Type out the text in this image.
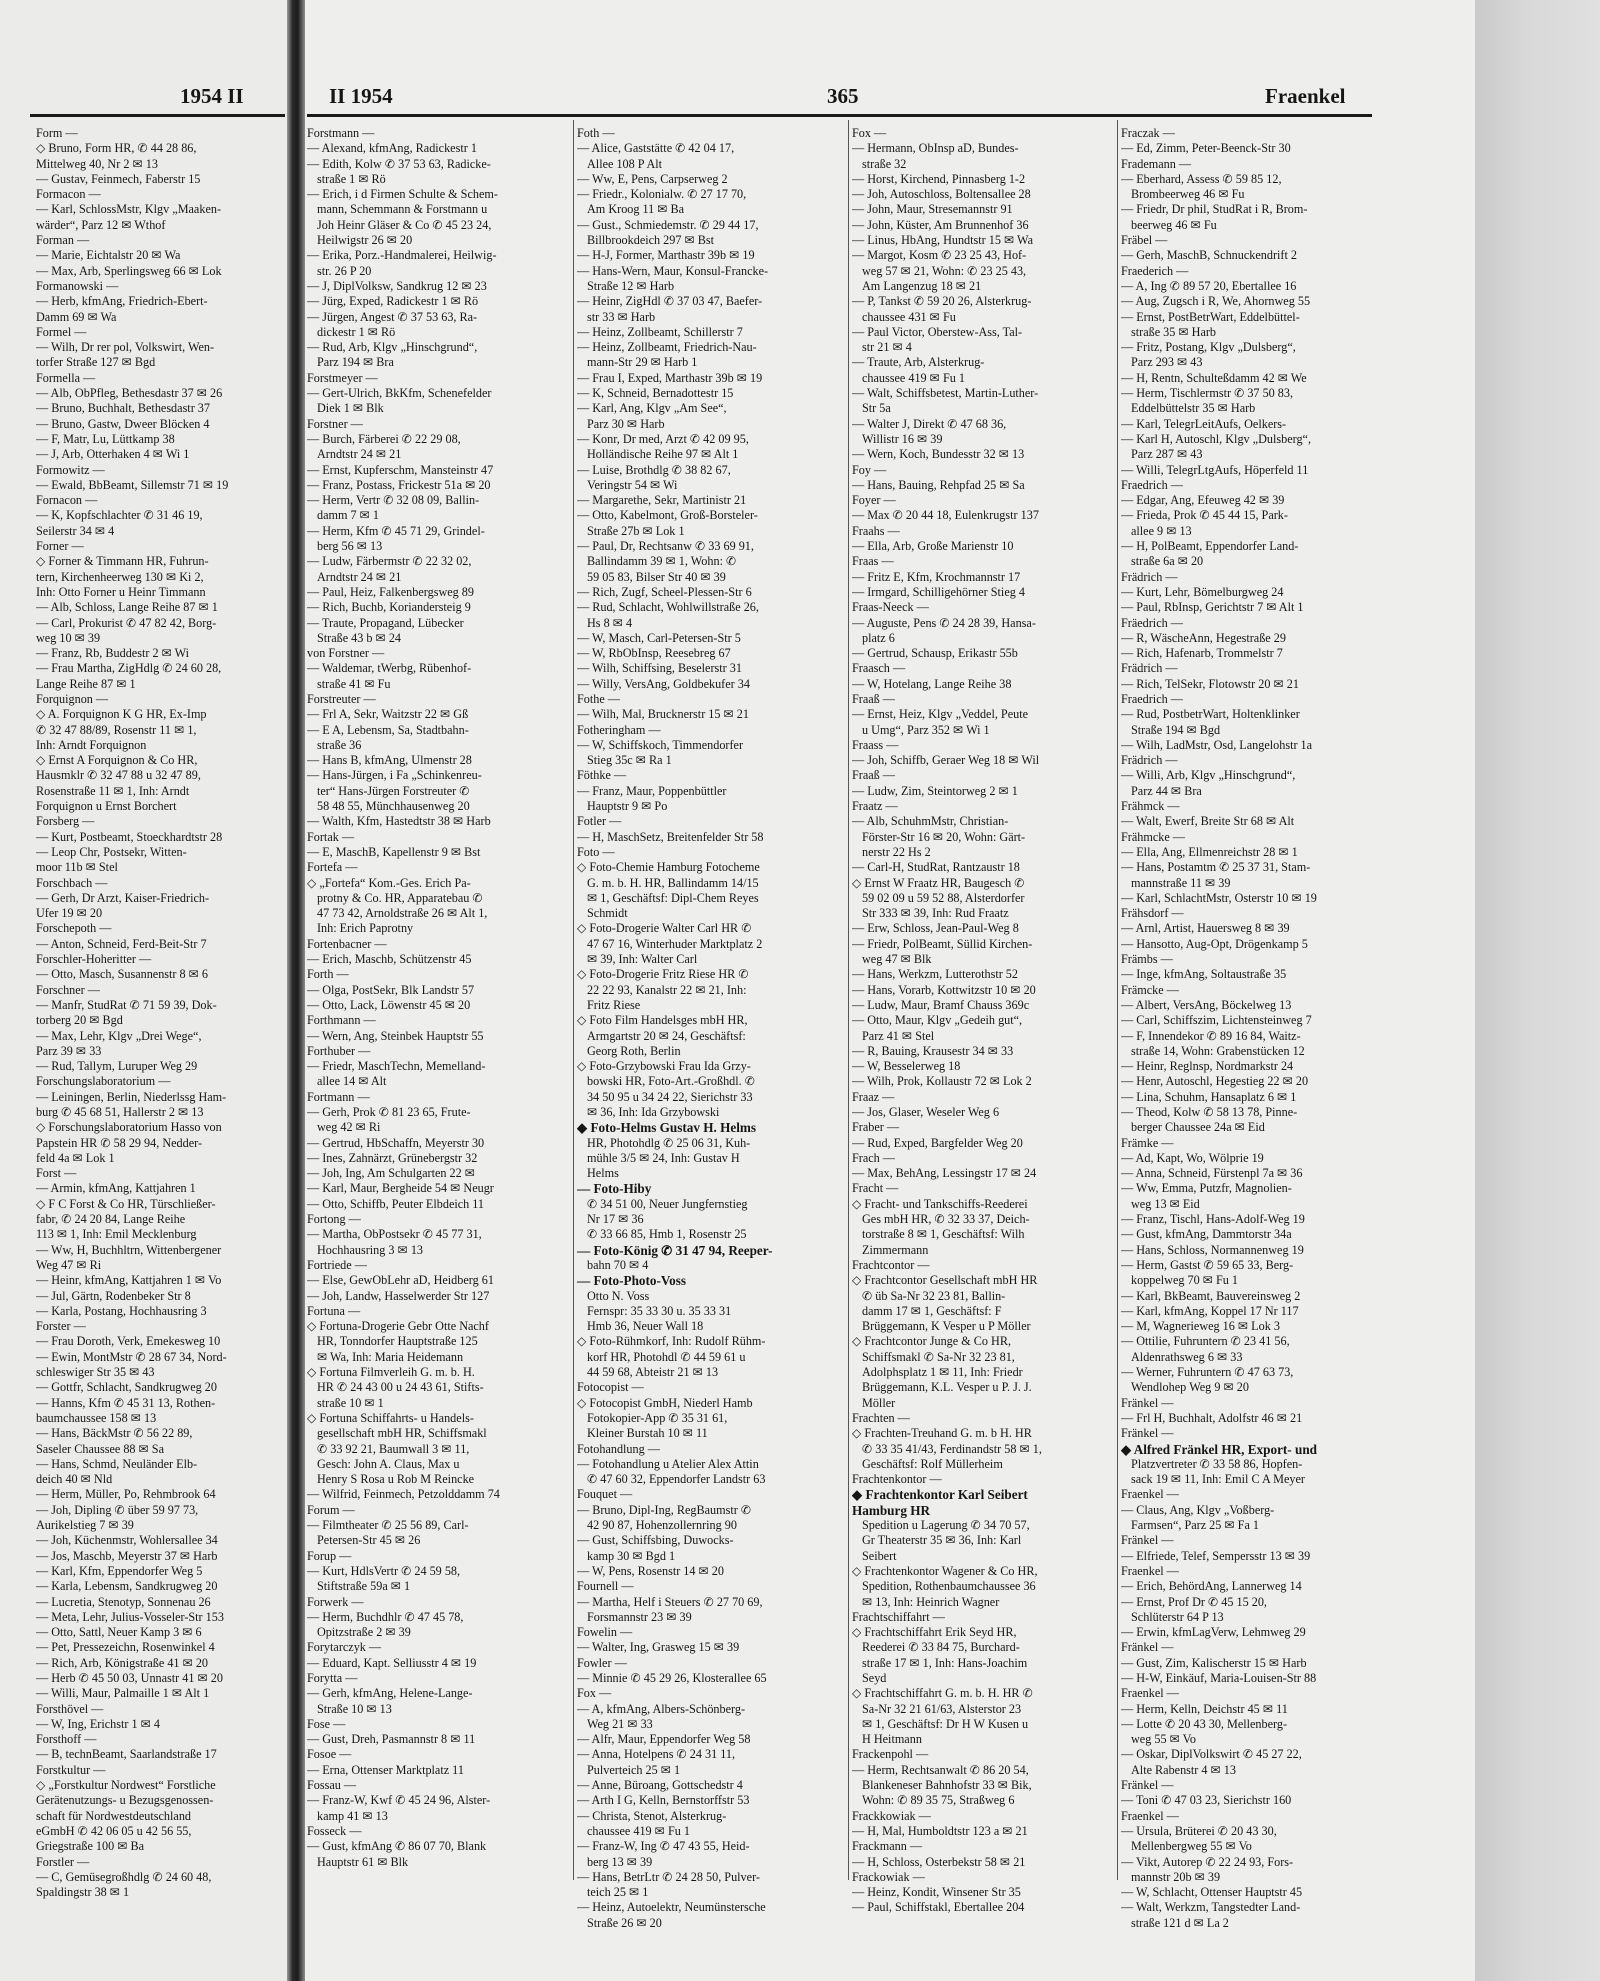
1954 II
Form —
◇ Bruno, Form HR, ✆ 44 28 86,
Mittelweg 40, Nr 2 ✉ 13
— Gustav, Feinmech, Faberstr 15
Formacon —
— Karl, SchlossMstr, Klgv „Maaken-
wärder“, Parz 12 ✉ Wthof
Forman —
— Marie, Eichtalstr 20 ✉ Wa
— Max, Arb, Sperlingsweg 66 ✉ Lok
Formanowski —
— Herb, kfmAng, Friedrich-Ebert-
Damm 69 ✉ Wa
Formel —
— Wilh, Dr rer pol, Volkswirt, Wen-
torfer Straße 127 ✉ Bgd
Formella —
— Alb, ObPfleg, Bethesdastr 37 ✉ 26
— Bruno, Buchhalt, Bethesdastr 37
— Bruno, Gastw, Dweer Blöcken 4
— F, Matr, Lu, Lüttkamp 38
— J, Arb, Otterhaken 4 ✉ Wi 1
Formowitz —
— Ewald, BbBeamt, Sillemstr 71 ✉ 19
Fornacon —
— K, Kopfschlachter ✆ 31 46 19,
Seilerstr 34 ✉ 4
Forner —
◇ Forner & Timmann HR, Fuhrun-
tern, Kirchenheerweg 130 ✉ Ki 2,
Inh: Otto Forner u Heinr Timmann
— Alb, Schloss, Lange Reihe 87 ✉ 1
— Carl, Prokurist ✆ 47 82 42, Borg-
weg 10 ✉ 39
— Franz, Rb, Buddestr 2 ✉ Wi
— Frau Martha, ZigHdlg ✆ 24 60 28,
Lange Reihe 87 ✉ 1
Forquignon —
◇ A. Forquignon K G HR, Ex-Imp
✆ 32 47 88/89, Rosenstr 11 ✉ 1,
Inh: Arndt Forquignon
◇ Ernst A Forquignon & Co HR,
Hausmklr ✆ 32 47 88 u 32 47 89,
Rosenstraße 11 ✉ 1, Inh: Arndt
Forquignon u Ernst Borchert
Forsberg —
— Kurt, Postbeamt, Stoeckhardtstr 28
— Leop Chr, Postsekr, Witten-
moor 11b ✉ Stel
Forschbach —
— Gerh, Dr Arzt, Kaiser-Friedrich-
Ufer 19 ✉ 20
Forschepoth —
— Anton, Schneid, Ferd-Beit-Str 7
Forschler-Hoheritter —
— Otto, Masch, Susannenstr 8 ✉ 6
Forschner —
— Manfr, StudRat ✆ 71 59 39, Dok-
torberg 20 ✉ Bgd
— Max, Lehr, Klgv „Drei Wege“,
Parz 39 ✉ 33
— Rud, Tallym, Luruper Weg 29
Forschungslaboratorium —
— Leiningen, Berlin, Niederlssg Ham-
burg ✆ 45 68 51, Hallerstr 2 ✉ 13
◇ Forschungslaboratorium Hasso von
Papstein HR ✆ 58 29 94, Nedder-
feld 4a ✉ Lok 1
Forst —
— Armin, kfmAng, Kattjahren 1
◇ F C Forst & Co HR, Türschließer-
fabr, ✆ 24 20 84, Lange Reihe
113 ✉ 1, Inh: Emil Mecklenburg
— Ww, H, Buchhltrn, Wittenbergener
Weg 47 ✉ Ri
— Heinr, kfmAng, Kattjahren 1 ✉ Vo
— Jul, Gärtn, Rodenbeker Str 8
— Karla, Postang, Hochhausring 3
Forster —
— Frau Doroth, Verk, Emekesweg 10
— Ewin, MontMstr ✆ 28 67 34, Nord-
schleswiger Str 35 ✉ 43
— Gottfr, Schlacht, Sandkrugweg 20
— Hanns, Kfm ✆ 45 31 13, Rothen-
baumchaussee 158 ✉ 13
— Hans, BäckMstr ✆ 56 22 89,
Saseler Chaussee 88 ✉ Sa
— Hans, Schmd, Neuländer Elb-
deich 40 ✉ Nld
— Herm, Müller, Po, Rehmbrook 64
— Joh, Dipling ✆ über 59 97 73,
Aurikelstieg 7 ✉ 39
— Joh, Küchenmstr, Wohlersallee 34
— Jos, Maschb, Meyerstr 37 ✉ Harb
— Karl, Kfm, Eppendorfer Weg 5
— Karla, Lebensm, Sandkrugweg 20
— Lucretia, Stenotyp, Sonnenau 26
— Meta, Lehr, Julius-Vosseler-Str 153
— Otto, Sattl, Neuer Kamp 3 ✉ 6
— Pet, Pressezeichn, Rosenwinkel 4
— Rich, Arb, Königstraße 41 ✉ 20
— Herb ✆ 45 50 03, Unnastr 41 ✉ 20
— Willi, Maur, Palmaille 1 ✉ Alt 1
Forsthövel —
— W, Ing, Erichstr 1 ✉ 4
Forsthoff —
— B, technBeamt, Saarlandstraße 17
Forstkultur —
◇ „Forstkultur Nordwest“ Forstliche
Gerätenutzungs- u Bezugsgenossen-
schaft für Nordwestdeutschland
eGmbH ✆ 42 06 05 u 42 56 55,
Griegstraße 100 ✉ Ba
Forstler —
— C, Gemüsegroßhdlg ✆ 24 60 48,
Spaldingstr 38 ✉ 1
II 1954	365	Fraenkel
Forstmann —
— Alexand, kfmAng, Radickestr 1
— Edith, Kolw ✆ 37 53 63, Radicke-
straße 1 ✉ Rö
— Erich, i d Firmen Schulte & Schem-
mann, Schemmann & Forstmann u
Joh Heinr Gläser & Co ✆ 45 23 24,
Heilwigstr 26 ✉ 20
— Erika, Porz.-Handmalerei, Heilwig-
str. 26 P 20
— J, DiplVolksw, Sandkrug 12 ✉ 23
— Jürg, Exped, Radickestr 1 ✉ Rö
— Jürgen, Angest ✆ 37 53 63, Ra-
dickestr 1 ✉ Rö
— Rud, Arb, Klgv „Hinschgrund“,
Parz 194 ✉ Bra
Forstmeyer —
— Gert-Ulrich, BkKfm, Schenefelder
Diek 1 ✉ Blk
Forstner —
— Burch, Färberei ✆ 22 29 08,
Arndtstr 24 ✉ 21
— Ernst, Kupferschm, Mansteinstr 47
— Franz, Postass, Frickestr 51a ✉ 20
— Herm, Vertr ✆ 32 08 09, Ballin-
damm 7 ✉ 1
— Herm, Kfm ✆ 45 71 29, Grindel-
berg 56 ✉ 13
— Ludw, Färbermstr ✆ 22 32 02,
Arndtstr 24 ✉ 21
— Paul, Heiz, Falkenbergsweg 89
— Rich, Buchb, Koriandersteig 9
— Traute, Propagand, Lübecker
Straße 43 b ✉ 24
von Forstner —
— Waldemar, tWerbg, Rübenhof-
straße 41 ✉ Fu
Forstreuter —
— Frl A, Sekr, Waitzstr 22 ✉ Gß
— E A, Lebensm, Sa, Stadtbahn-
straße 36
— Hans B, kfmAng, Ulmenstr 28
— Hans-Jürgen, i Fa „Schinkenreu-
ter“ Hans-Jürgen Forstreuter ✆
58 48 55, Münchhausenweg 20
— Walth, Kfm, Hastedtstr 38 ✉ Harb
Fortak —
— E, MaschB, Kapellenstr 9 ✉ Bst
Fortefa —
◇ „Fortefa“ Kom.-Ges. Erich Pa-
protny & Co. HR, Apparatebau ✆
47 73 42, Arnoldstraße 26 ✉ Alt 1,
Inh: Erich Paprotny
Fortenbacner —
— Erich, Maschb, Schützenstr 45
Forth —
— Olga, PostSekr, Blk Landstr 57
— Otto, Lack, Löwenstr 45 ✉ 20
Forthmann —
— Wern, Ang, Steinbek Hauptstr 55
Forthuber —
— Friedr, MaschTechn, Memelland-
allee 14 ✉ Alt
Fortmann —
— Gerh, Prok ✆ 81 23 65, Frute-
weg 42 ✉ Ri
— Gertrud, HbSchaffn, Meyerstr 30
— Ines, Zahnärzt, Grünebergstr 32
— Joh, Ing, Am Schulgarten 22 ✉
— Karl, Maur, Bergheide 54 ✉ Neugr
— Otto, Schiffb, Peuter Elbdeich 11
Fortong —
— Martha, ObPostsekr ✆ 45 77 31,
Hochhausring 3 ✉ 13
Fortriede —
— Else, GewObLehr aD, Heidberg 61
— Joh, Landw, Hasselwerder Str 127
Fortuna —
◇ Fortuna-Drogerie Gebr Otte Nachf
HR, Tonndorfer Hauptstraße 125
✉ Wa, Inh: Maria Heidemann
◇ Fortuna Filmverleih G. m. b. H.
HR ✆ 24 43 00 u 24 43 61, Stifts-
straße 10 ✉ 1
◇ Fortuna Schiffahrts- u Handels-
gesellschaft mbH HR, Schiffsmakl
✆ 33 92 21, Baumwall 3 ✉ 11,
Gesch: John A. Claus, Max u
Henry S Rosa u Rob M Reincke
— Wilfrid, Feinmech, Petzolddamm 74
Forum —
— Filmtheater ✆ 25 56 89, Carl-
Petersen-Str 45 ✉ 26
Forup —
— Kurt, HdlsVertr ✆ 24 59 58,
Stiftstraße 59a ✉ 1
Forwerk —
— Herm, Buchdhlr ✆ 47 45 78,
Opitzstraße 2 ✉ 39
Forytarczyk —
— Eduard, Kapt. Selliusstr 4 ✉ 19
Forytta —
— Gerh, kfmAng, Helene-Lange-
Straße 10 ✉ 13
Fose —
— Gust, Dreh, Pasmannstr 8 ✉ 11
Fosoe —
— Erna, Ottenser Marktplatz 11
Fossau —
— Franz-W, Kwf ✆ 45 24 96, Alster-
kamp 41 ✉ 13
Fosseck —
— Gust, kfmAng ✆ 86 07 70, Blank
Hauptstr 61 ✉ Blk
Foth —
— Alice, Gaststätte ✆ 42 04 17,
Allee 108 P Alt
— Ww, E, Pens, Carpserweg 2
— Friedr., Kolonialw. ✆ 27 17 70,
Am Kroog 11 ✉ Ba
— Gust., Schmiedemstr. ✆ 29 44 17,
Billbrookdeich 297 ✉ Bst
— H-J, Former, Marthastr 39b ✉ 19
— Hans-Wern, Maur, Konsul-Francke-
Straße 12 ✉ Harb
— Heinr, ZigHdl ✆ 37 03 47, Baefer-
str 33 ✉ Harb
— Heinz, Zollbeamt, Schillerstr 7
— Heinz, Zollbeamt, Friedrich-Nau-
mann-Str 29 ✉ Harb 1
— Frau I, Exped, Marthastr 39b ✉ 19
— K, Schneid, Bernadottestr 15
— Karl, Ang, Klgv „Am See“,
Parz 30 ✉ Harb
— Konr, Dr med, Arzt ✆ 42 09 95,
Holländische Reihe 97 ✉ Alt 1
— Luise, Brothdlg ✆ 38 82 67,
Veringstr 54 ✉ Wi
— Margarethe, Sekr, Martinistr 21
— Otto, Kabelmont, Groß-Borsteler-
Straße 27b ✉ Lok 1
— Paul, Dr, Rechtsanw ✆ 33 69 91,
Ballindamm 39 ✉ 1, Wohn: ✆
59 05 83, Bilser Str 40 ✉ 39
— Rich, Zugf, Scheel-Plessen-Str 6
— Rud, Schlacht, Wohlwillstraße 26,
Hs 8 ✉ 4
— W, Masch, Carl-Petersen-Str 5
— W, RbObInsp, Reesebreg 67
— Wilh, Schiffsing, Beselerstr 31
— Willy, VersAng, Goldbekufer 34
Fothe —
— Wilh, Mal, Brucknerstr 15 ✉ 21
Fotheringham —
— W, Schiffskoch, Timmendorfer
Stieg 35c ✉ Ra 1
Föthke —
— Franz, Maur, Poppenbüttler
Hauptstr 9 ✉ Po
Fotler —
— H, MaschSetz, Breitenfelder Str 58
Foto —
◇ Foto-Chemie Hamburg Fotocheme
G. m. b. H. HR, Ballindamm 14/15
✉ 1, Geschäftsf: Dipl-Chem Reyes
Schmidt
◇ Foto-Drogerie Walter Carl HR ✆
47 67 16, Winterhuder Marktplatz 2
✉ 39, Inh: Walter Carl
◇ Foto-Drogerie Fritz Riese HR ✆
22 22 93, Kanalstr 22 ✉ 21, Inh:
Fritz Riese
◇ Foto Film Handelsges mbH HR,
Armgartstr 20 ✉ 24, Geschäftsf:
Georg Roth, Berlin
◇ Foto-Grzybowski Frau Ida Grzy-
bowski HR, Foto-Art.-Großhdl. ✆
34 50 95 u 34 24 22, Sierichstr 33
✉ 36, Inh: Ida Grzybowski
◆ Foto-Helms Gustav H. Helms
HR, Photohdlg ✆ 25 06 31, Kuh-
mühle 3/5 ✉ 24, Inh: Gustav H
Helms
— Foto-Hiby
✆ 34 51 00, Neuer Jungfernstieg
Nr 17 ✉ 36
✆ 33 66 85, Hmb 1, Rosenstr 25
— Foto-König ✆ 31 47 94, Reeper-
bahn 70 ✉ 4
— Foto-Photo-Voss
Otto N. Voss
Fernspr: 35 33 30 u. 35 33 31
Hmb 36, Neuer Wall 18
◇ Foto-Rühmkorf, Inh: Rudolf Rühm-
korf HR, Photohdl ✆ 44 59 61 u
44 59 68, Abteistr 21 ✉ 13
Fotocopist —
◇ Fotocopist GmbH, Niederl Hamb
Fotokopier-App ✆ 35 31 61,
Kleiner Burstah 10 ✉ 11
Fotohandlung —
— Fotohandlung u Atelier Alex Attin
✆ 47 60 32, Eppendorfer Landstr 63
Fouquet —
— Bruno, Dipl-Ing, RegBaumstr ✆
42 90 87, Hohenzollernring 90
— Gust, Schiffsbing, Duwocks-
kamp 30 ✉ Bgd 1
— W, Pens, Rosenstr 14 ✉ 20
Fournell —
— Martha, Helf i Steuers ✆ 27 70 69,
Forsmannstr 23 ✉ 39
Fowelin —
— Walter, Ing, Grasweg 15 ✉ 39
Fowler —
— Minnie ✆ 45 29 26, Klosterallee 65
Fox —
— A, kfmAng, Albers-Schönberg-
Weg 21 ✉ 33
— Alfr, Maur, Eppendorfer Weg 58
— Anna, Hotelpens ✆ 24 31 11,
Pulverteich 25 ✉ 1
— Anne, Büroang, Gottschedstr 4
— Arth I G, Kelln, Bernstorffstr 53
— Christa, Stenot, Alsterkrug-
chaussee 419 ✉ Fu 1
— Franz-W, Ing ✆ 47 43 55, Heid-
berg 13 ✉ 39
— Hans, BetrLtr ✆ 24 28 50, Pulver-
teich 25 ✉ 1
— Heinz, Autoelektr, Neumünstersche
Straße 26 ✉ 20
Fox —
— Hermann, ObInsp aD, Bundes-
straße 32
— Horst, Kirchend, Pinnasberg 1-2
— Joh, Autoschloss, Boltensallee 28
— John, Maur, Stresemannstr 91
— John, Küster, Am Brunnenhof 36
— Linus, HbAng, Hundtstr 15 ✉ Wa
— Margot, Kosm ✆ 23 25 43, Hof-
weg 57 ✉ 21, Wohn: ✆ 23 25 43,
Am Langenzug 18 ✉ 21
— P, Tankst ✆ 59 20 26, Alsterkrug-
chaussee 431 ✉ Fu
— Paul Victor, Oberstew-Ass, Tal-
str 21 ✉ 4
— Traute, Arb, Alsterkrug-
chaussee 419 ✉ Fu 1
— Walt, Schiffsbetest, Martin-Luther-
Str 5a
— Walter J, Direkt ✆ 47 68 36,
Willistr 16 ✉ 39
— Wern, Koch, Bundesstr 32 ✉ 13
Foy —
— Hans, Bauing, Rehpfad 25 ✉ Sa
Foyer —
— Max ✆ 20 44 18, Eulenkrugstr 137
Fraahs —
— Ella, Arb, Große Marienstr 10
Fraas —
— Fritz E, Kfm, Krochmannstr 17
— Irmgard, Schilligehörner Stieg 4
Fraas-Neeck —
— Auguste, Pens ✆ 24 28 39, Hansa-
platz 6
— Gertrud, Schausp, Erikastr 55b
Fraasch —
— W, Hotelang, Lange Reihe 38
Fraaß —
— Ernst, Heiz, Klgv „Veddel, Peute
u Umg“, Parz 352 ✉ Wi 1
Fraass —
— Joh, Schiffb, Geraer Weg 18 ✉ Wil
Fraaß —
— Ludw, Zim, Steintorweg 2 ✉ 1
Fraatz —
— Alb, SchuhmMstr, Christian-
Förster-Str 16 ✉ 20, Wohn: Gärt-
nerstr 22 Hs 2
— Carl-H, StudRat, Rantzaustr 18
◇ Ernst W Fraatz HR, Baugesch ✆
59 02 09 u 59 52 88, Alsterdorfer
Str 333 ✉ 39, Inh: Rud Fraatz
— Erw, Schloss, Jean-Paul-Weg 8
— Friedr, PolBeamt, Süllid Kirchen-
weg 47 ✉ Blk
— Hans, Werkzm, Lutterothstr 52
— Hans, Vorarb, Kottwitzstr 10 ✉ 20
— Ludw, Maur, Bramf Chauss 369c
— Otto, Maur, Klgv „Gedeih gut“,
Parz 41 ✉ Stel
— R, Bauing, Krausestr 34 ✉ 33
— W, Besselerweg 18
— Wilh, Prok, Kollaustr 72 ✉ Lok 2
Fraaz —
— Jos, Glaser, Weseler Weg 6
Fraber —
— Rud, Exped, Bargfelder Weg 20
Frach —
— Max, BehAng, Lessingstr 17 ✉ 24
Fracht —
◇ Fracht- und Tankschiffs-Reederei
Ges mbH HR, ✆ 32 33 37, Deich-
torstraße 8 ✉ 1, Geschäftsf: Wilh
Zimmermann
Frachtcontor —
◇ Frachtcontor Gesellschaft mbH HR
✆ üb Sa-Nr 32 23 81, Ballin-
damm 17 ✉ 1, Geschäftsf: F
Brüggemann, K Vesper u P Möller
◇ Frachtcontor Junge & Co HR,
Schiffsmakl ✆ Sa-Nr 32 23 81,
Adolphsplatz 1 ✉ 11, Inh: Friedr
Brüggemann, K.L. Vesper u P. J. J.
Möller
Frachten —
◇ Frachten-Treuhand G. m. b H. HR
✆ 33 35 41/43, Ferdinandstr 58 ✉ 1,
Geschäftsf: Rolf Müllerheim
Frachtenkontor —
◆ Frachtenkontor Karl Seibert
Hamburg HR
Spedition u Lagerung ✆ 34 70 57,
Gr Theaterstr 35 ✉ 36, Inh: Karl
Seibert
◇ Frachtenkontor Wagener & Co HR,
Spedition, Rothenbaumchaussee 36
✉ 13, Inh: Heinrich Wagner
Frachtschiffahrt —
◇ Frachtschiffahrt Erik Seyd HR,
Reederei ✆ 33 84 75, Burchard-
straße 17 ✉ 1, Inh: Hans-Joachim
Seyd
◇ Frachtschiffahrt G. m. b. H. HR ✆
Sa-Nr 32 21 61/63, Alsterstor 23
✉ 1, Geschäftsf: Dr H W Kusen u
H Heitmann
Frackenpohl —
— Herm, Rechtsanwalt ✆ 86 20 54,
Blankeneser Bahnhofstr 33 ✉ Bik,
Wohn: ✆ 89 35 75, Straßweg 6
Frackkowiak —
— H, Mal, Humboldtstr 123 a ✉ 21
Frackmann —
— H, Schloss, Osterbekstr 58 ✉ 21
Frackowiak —
— Heinz, Kondit, Winsener Str 35
— Paul, Schiffstakl, Ebertallee 204
Fraczak —
— Ed, Zimm, Peter-Beenck-Str 30
Frademann —
— Eberhard, Assess ✆ 59 85 12,
Brombeerweg 46 ✉ Fu
— Friedr, Dr phil, StudRat i R, Brom-
beerweg 46 ✉ Fu
Fräbel —
— Gerh, MaschB, Schnuckendrift 2
Fraederich —
— A, Ing ✆ 89 57 20, Ebertallee 16
— Aug, Zugsch i R, We, Ahornweg 55
— Ernst, PostBetrWart, Eddelbüttel-
straße 35 ✉ Harb
— Fritz, Postang, Klgv „Dulsberg“,
Parz 293 ✉ 43
— H, Rentn, Schulteßdamm 42 ✉ We
— Herm, Tischlermstr ✆ 37 50 83,
Eddelbüttelstr 35 ✉ Harb
— Karl, TelegrLeitAufs, Oelkers-
— Karl H, Autoschl, Klgv „Dulsberg“,
Parz 287 ✉ 43
— Willi, TelegrLtgAufs, Höperfeld 11
Fraedrich —
— Edgar, Ang, Efeuweg 42 ✉ 39
— Frieda, Prok ✆ 45 44 15, Park-
allee 9 ✉ 13
— H, PolBeamt, Eppendorfer Land-
straße 6a ✉ 20
Frädrich —
— Kurt, Lehr, Bömelburgweg 24
— Paul, RbInsp, Gerichtstr 7 ✉ Alt 1
Fräedrich —
— R, WäscheAnn, Hegestraße 29
— Rich, Hafenarb, Trommelstr 7
Frädrich —
— Rich, TelSekr, Flotowstr 20 ✉ 21
Fraedrich —
— Rud, PostbetrWart, Holtenklinker
Straße 194 ✉ Bgd
— Wilh, LadMstr, Osd, Langelohstr 1a
Frädrich —
— Willi, Arb, Klgv „Hinschgrund“,
Parz 44 ✉ Bra
Frähmck —
— Walt, Ewerf, Breite Str 68 ✉ Alt
Frähmcke —
— Ella, Ang, Ellmenreichstr 28 ✉ 1
— Hans, Postamtm ✆ 25 37 31, Stam-
mannstraße 11 ✉ 39
— Karl, SchlachtMstr, Osterstr 10 ✉ 19
Frähsdorf —
— Arnl, Artist, Hauersweg 8 ✉ 39
— Hansotto, Aug-Opt, Drögenkamp 5
Främbs —
— Inge, kfmAng, Soltaustraße 35
Främcke —
— Albert, VersAng, Böckelweg 13
— Carl, Schiffszim, Lichtensteinweg 7
— F, Innendekor ✆ 89 16 84, Waitz-
straße 14, Wohn: Grabenstücken 12
— Heinr, Reglnsp, Nordmarkstr 24
— Henr, Autoschl, Hegestieg 22 ✉ 20
— Lina, Schuhm, Hansaplatz 6 ✉ 1
— Theod, Kolw ✆ 58 13 78, Pinne-
berger Chaussee 24a ✉ Eid
Främke —
— Ad, Kapt, Wo, Wölprie 19
— Anna, Schneid, Fürstenpl 7a ✉ 36
— Ww, Emma, Putzfr, Magnolien-
weg 13 ✉ Eid
— Franz, Tischl, Hans-Adolf-Weg 19
— Gust, kfmAng, Dammtorstr 34a
— Hans, Schloss, Normannenweg 19
— Herm, Gastst ✆ 59 65 33, Berg-
koppelweg 70 ✉ Fu 1
— Karl, BkBeamt, Bauvereinsweg 2
— Karl, kfmAng, Koppel 17 Nr 117
— M, Wagnerieweg 16 ✉ Lok 3
— Ottilie, Fuhruntern ✆ 23 41 56,
Aldenrathsweg 6 ✉ 33
— Werner, Fuhruntern ✆ 47 63 73,
Wendlohер Weg 9 ✉ 20
Fränkel —
— Frl H, Buchhalt, Adolfstr 46 ✉ 21
Fränkel —
◆ Alfred Fränkel HR, Export- und
Platzvertreter ✆ 33 58 86, Hopfen-
sack 19 ✉ 11, Inh: Emil C A Meyer
Fraenkel —
— Claus, Ang, Klgv „Voßberg-
Farmsen“, Parz 25 ✉ Fa 1
Fränkel —
— Elfriede, Telef, Sempersstr 13 ✉ 39
Fraenkel —
— Erich, BehördAng, Lannerweg 14
— Ernst, Prof Dr ✆ 45 15 20,
Schlüterstr 64 P 13
— Erwin, kfmLagVerw, Lehmweg 29
Fränkel —
— Gust, Zim, Kalischerstr 15 ✉ Harb
— H-W, Einkäuf, Maria-Louisen-Str 88
Fraenkel —
— Herm, Kelln, Deichstr 45 ✉ 11
— Lotte ✆ 20 43 30, Mellenberg-
weg 55 ✉ Vo
— Oskar, DiplVolkswirt ✆ 45 27 22,
Alte Rabenstr 4 ✉ 13
Fränkel —
— Toni ✆ 47 03 23, Sierichstr 160
Fraenkel —
— Ursula, Brüterei ✆ 20 43 30,
Mellenbergweg 55 ✉ Vo
— Vikt, Autorep ✆ 22 24 93, Fors-
mannstr 20b ✉ 39
— W, Schlacht, Ottenser Hauptstr 45
— Walt, Werkzm, Tangstedter Land-
straße 121 d ✉ La 2
